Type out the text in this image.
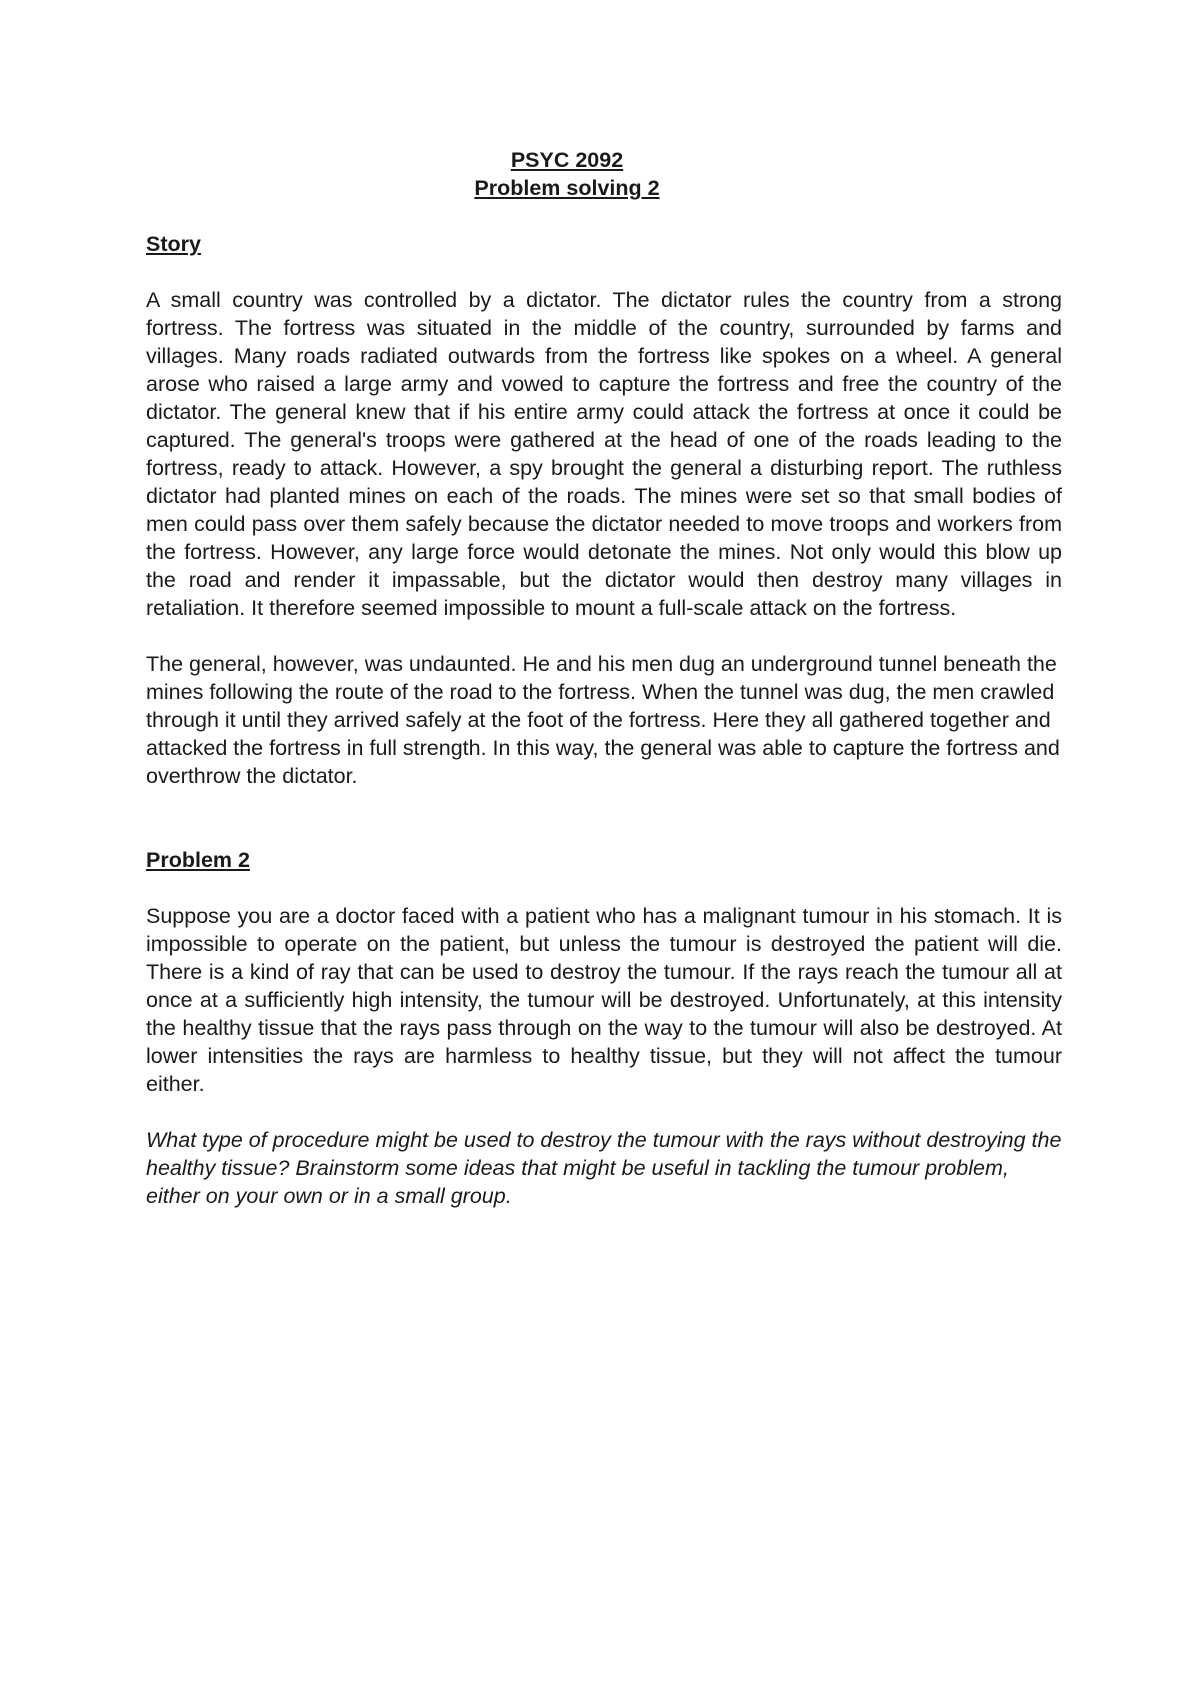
PSYC 2092

Problem solving 2

Story

A small country was controlled by a dictator. The dictator rules the country from a strong fortress. The fortress was situated in the middle of the country, surrounded by farms and villages. Many roads radiated outwards from the fortress like spokes on a wheel. A general arose who raised a large army and vowed to capture the fortress and free the country of the dictator. The general knew that if his entire army could attack the fortress at once it could be captured. The general's troops were gathered at the head of one of the roads leading to the fortress, ready to attack. However, a spy brought the general a disturbing report. The ruthless dictator had planted mines on each of the roads. The mines were set so that small bodies of men could pass over them safely because the dictator needed to move troops and workers from the fortress. However, any large force would detonate the mines. Not only would this blow up the road and render it impassable, but the dictator would then destroy many villages in retaliation. It therefore seemed impossible to mount a full-scale attack on the fortress.

The general, however, was undaunted. He and his men dug an underground tunnel beneath the mines following the route of the road to the fortress. When the tunnel was dug, the men crawled through it until they arrived safely at the foot of the fortress. Here they all gathered together and attacked the fortress in full strength. In this way, the general was able to capture the fortress and overthrow the dictator.

Problem 2

Suppose you are a doctor faced with a patient who has a malignant tumour in his stomach. It is impossible to operate on the patient, but unless the tumour is destroyed the patient will die. There is a kind of ray that can be used to destroy the tumour. If the rays reach the tumour all at once at a sufficiently high intensity, the tumour will be destroyed. Unfortunately, at this intensity the healthy tissue that the rays pass through on the way to the tumour will also be destroyed. At lower intensities the rays are harmless to healthy tissue, but they will not affect the tumour either.

What type of procedure might be used to destroy the tumour with the rays without destroying the healthy tissue? Brainstorm some ideas that might be useful in tackling the tumour problem, either on your own or in a small group.
